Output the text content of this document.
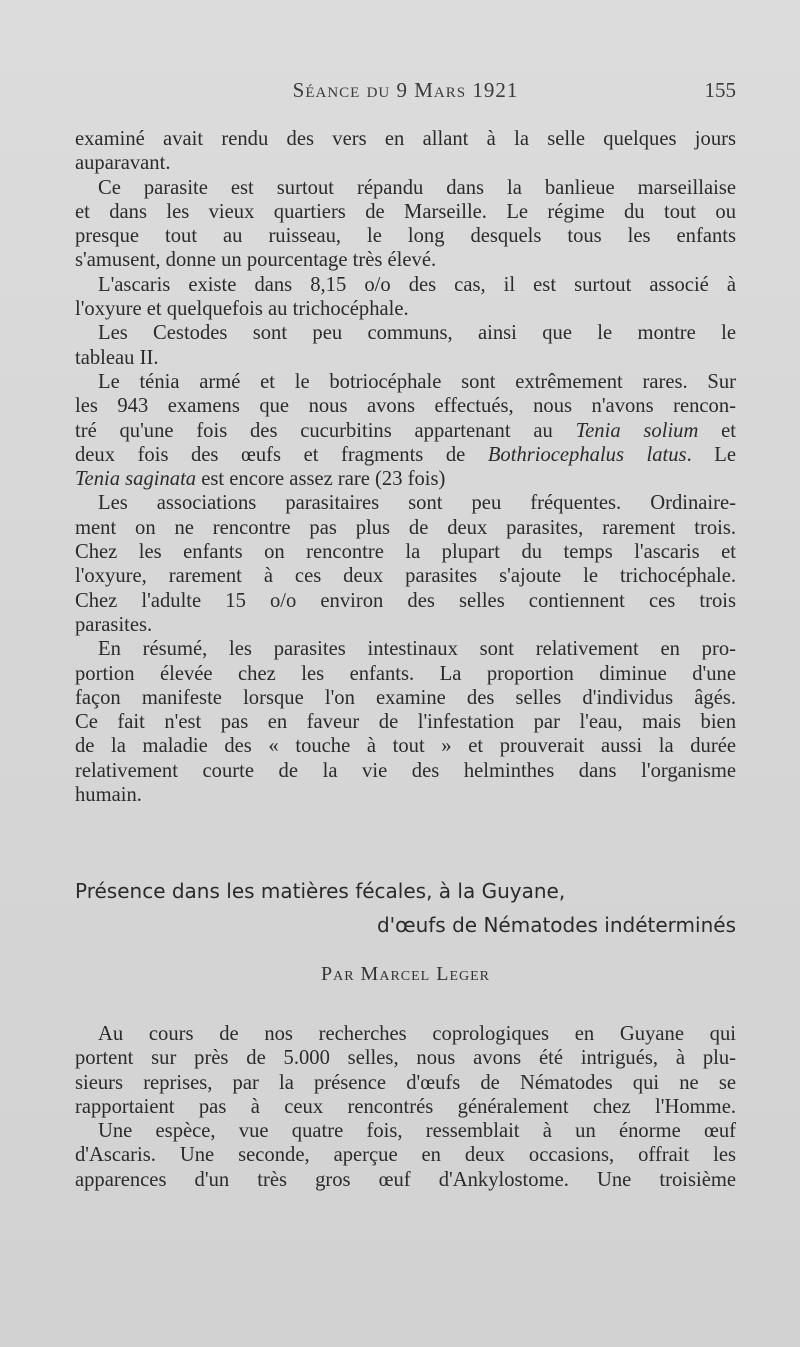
Séance du 9 Mars 1921	155
examiné avait rendu des vers en allant à la selle quelques jours
auparavant.
Ce parasite est surtout répandu dans la banlieue marseillaise
et dans les vieux quartiers de Marseille. Le régime du tout ou
presque tout au ruisseau, le long desquels tous les enfants
s'amusent, donne un pourcentage très élevé.
L'ascaris existe dans 8,15 o/o des cas, il est surtout associé à
l'oxyure et quelquefois au trichocéphale.
Les Cestodes sont peu communs, ainsi que le montre le
tableau II.
Le ténia armé et le botriocéphale sont extrêmement rares. Sur
les 943 examens que nous avons effectués, nous n'avons rencon-
tré qu'une fois des cucurbitins appartenant au Tenia solium et
deux fois des œufs et fragments de Bothriocephalus latus. Le
Tenia saginata est encore assez rare (23 fois)
Les associations parasitaires sont peu fréquentes. Ordinaire-
ment on ne rencontre pas plus de deux parasites, rarement trois.
Chez les enfants on rencontre la plupart du temps l'ascaris et
l'oxyure, rarement à ces deux parasites s'ajoute le trichocéphale.
Chez l'adulte 15 o/o environ des selles contiennent ces trois
parasites.
En résumé, les parasites intestinaux sont relativement en pro-
portion élevée chez les enfants. La proportion diminue d'une
façon manifeste lorsque l'on examine des selles d'individus âgés.
Ce fait n'est pas en faveur de l'infestation par l'eau, mais bien
de la maladie des « touche à tout » et prouverait aussi la durée
relativement courte de la vie des helminthes dans l'organisme
humain.
Présence dans les matières fécales, à la Guyane,
d'œufs de Nématodes indéterminés
Par Marcel Leger
Au cours de nos recherches coprologiques en Guyane qui
portent sur près de 5.000 selles, nous avons été intrigués, à plu-
sieurs reprises, par la présence d'œufs de Nématodes qui ne se
rapportaient pas à ceux rencontrés généralement chez l'Homme.
Une espèce, vue quatre fois, ressemblait à un énorme œuf
d'Ascaris. Une seconde, aperçue en deux occasions, offrait les
apparences d'un très gros œuf d'Ankylostome. Une troisième
